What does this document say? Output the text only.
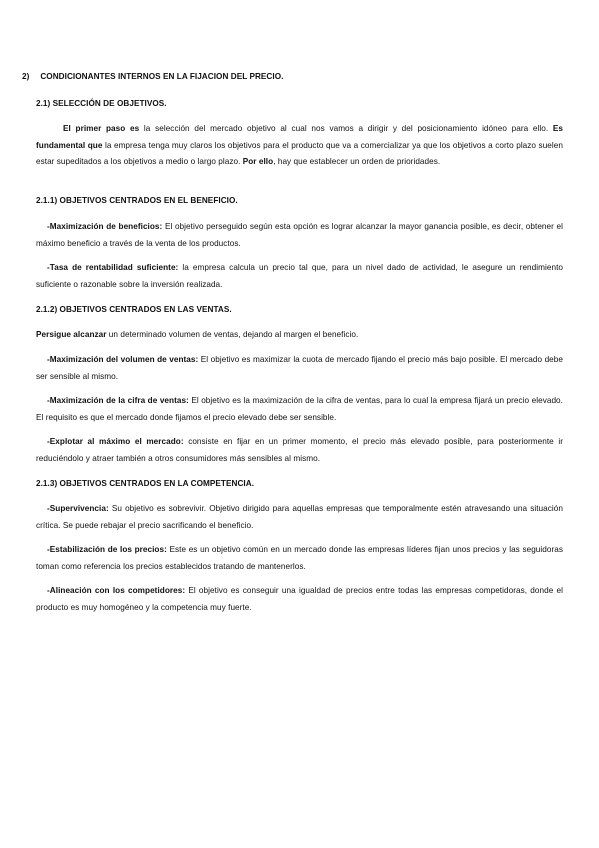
2) CONDICIONANTES INTERNOS EN LA FIJACION DEL PRECIO.
2.1) SELECCIÓN DE OBJETIVOS.
El primer paso es la selección del mercado objetivo al cual nos vamos a dirigir y del posicionamiento idóneo para ello. Es fundamental que la empresa tenga muy claros los objetivos para el producto que va a comercializar ya que los objetivos a corto plazo suelen estar supeditados a los objetivos a medio o largo plazo. Por ello, hay que establecer un orden de prioridades.
2.1.1) OBJETIVOS CENTRADOS EN EL BENEFICIO.
-Maximización de beneficios: El objetivo perseguido según esta opción es lograr alcanzar la mayor ganancia posible, es decir, obtener el máximo beneficio a través de la venta de los productos.
-Tasa de rentabilidad suficiente: la empresa calcula un precio tal que, para un nivel dado de actividad, le asegure un rendimiento suficiente o razonable sobre la inversión realizada.
2.1.2) OBJETIVOS CENTRADOS EN LAS VENTAS.
Persigue alcanzar un determinado volumen de ventas, dejando al margen el beneficio.
-Maximización del volumen de ventas: El objetivo es maximizar la cuota de mercado fijando el precio más bajo posible. El mercado debe ser sensible al mismo.
-Maximización de la cifra de ventas: El objetivo es la maximización de la cifra de ventas, para lo cual la empresa fijará un precio elevado. El requisito es que el mercado donde fijamos el precio elevado debe ser sensible.
-Explotar al máximo el mercado: consiste en fijar en un primer momento, el precio más elevado posible, para posteriormente ir reduciéndolo y atraer también a otros consumidores más sensibles al mismo.
2.1.3) OBJETIVOS CENTRADOS EN LA COMPETENCIA.
-Supervivencia: Su objetivo es sobrevivir. Objetivo dirigido para aquellas empresas que temporalmente estén atravesando una situación crítica. Se puede rebajar el precio sacrificando el beneficio.
-Estabilización de los precios: Este es un objetivo común en un mercado donde las empresas líderes fijan unos precios y las seguidoras toman como referencia los precios establecidos tratando de mantenerlos.
-Alineación con los competidores: El objetivo es conseguir una igualdad de precios entre todas las empresas competidoras, donde el producto es muy homogéneo y la competencia muy fuerte.
